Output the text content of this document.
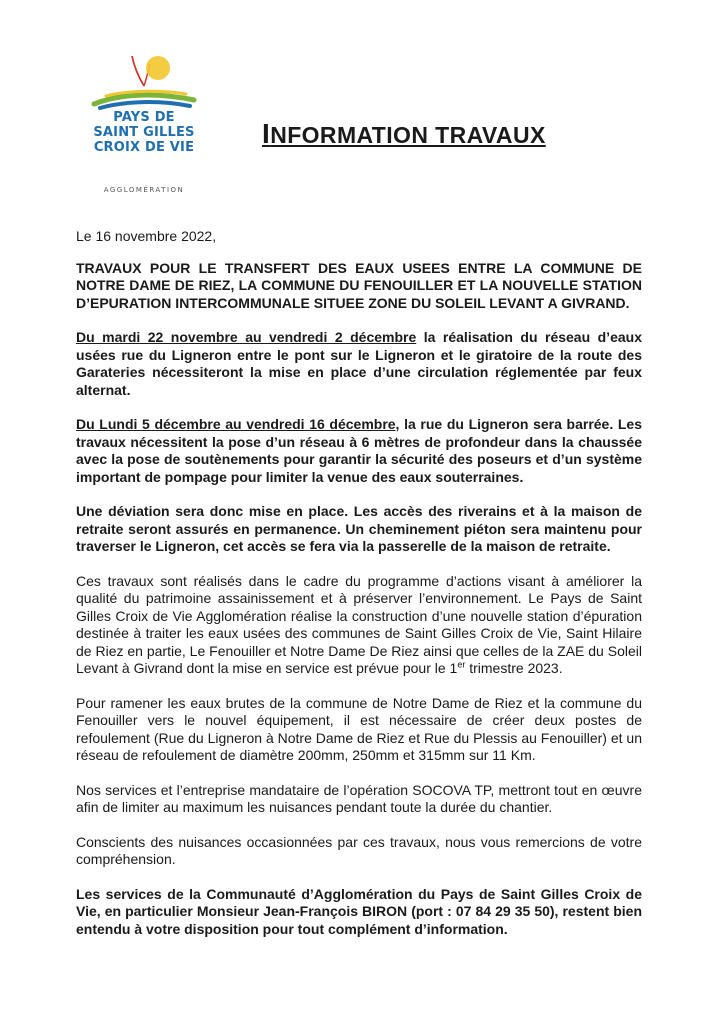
PAYS DE
SAINT GILLES
CROIX DE VIE
AGGLOMÉRATION
INFORMATION TRAVAUX

Le 16 novembre 2022,

TRAVAUX POUR LE TRANSFERT DES EAUX USEES ENTRE LA COMMUNE DE NOTRE DAME DE RIEZ, LA COMMUNE DU FENOUILLER ET LA NOUVELLE STATION D’EPURATION INTERCOMMUNALE SITUEE ZONE DU SOLEIL LEVANT A GIVRAND.

Du mardi 22 novembre au vendredi 2 décembre la réalisation du réseau d’eaux usées rue du Ligneron entre le pont sur le Ligneron et le giratoire de la route des Garateries nécessiteront la mise en place d’une circulation réglementée par feux alternat.

Du Lundi 5 décembre au vendredi 16 décembre, la rue du Ligneron sera barrée. Les travaux nécessitent la pose d’un réseau à 6 mètres de profondeur dans la chaussée avec la pose de soutènements pour garantir la sécurité des poseurs et d’un système important de pompage pour limiter la venue des eaux souterraines.

Une déviation sera donc mise en place. Les accès des riverains et à la maison de retraite seront assurés en permanence. Un cheminement piéton sera maintenu pour traverser le Ligneron, cet accès se fera via la passerelle de la maison de retraite.

Ces travaux sont réalisés dans le cadre du programme d’actions visant à améliorer la qualité du patrimoine assainissement et à préserver l’environnement. Le Pays de Saint Gilles Croix de Vie Agglomération réalise la construction d’une nouvelle station d’épuration destinée à traiter les eaux usées des communes de Saint Gilles Croix de Vie, Saint Hilaire de Riez en partie, Le Fenouiller et Notre Dame De Riez ainsi que celles de la ZAE du Soleil Levant à Givrand dont la mise en service est prévue pour le 1er trimestre 2023.

Pour ramener les eaux brutes de la commune de Notre Dame de Riez et la commune du Fenouiller vers le nouvel équipement, il est nécessaire de créer deux postes de refoulement (Rue du Ligneron à Notre Dame de Riez et Rue du Plessis au Fenouiller) et un réseau de refoulement de diamètre 200mm, 250mm et 315mm sur 11 Km.

Nos services et l’entreprise mandataire de l’opération SOCOVA TP, mettront tout en œuvre afin de limiter au maximum les nuisances pendant toute la durée du chantier.

Conscients des nuisances occasionnées par ces travaux, nous vous remercions de votre compréhension.

Les services de la Communauté d’Agglomération du Pays de Saint Gilles Croix de Vie, en particulier Monsieur Jean-François BIRON (port : 07 84 29 35 50), restent bien entendu à votre disposition pour tout complément d’information.
